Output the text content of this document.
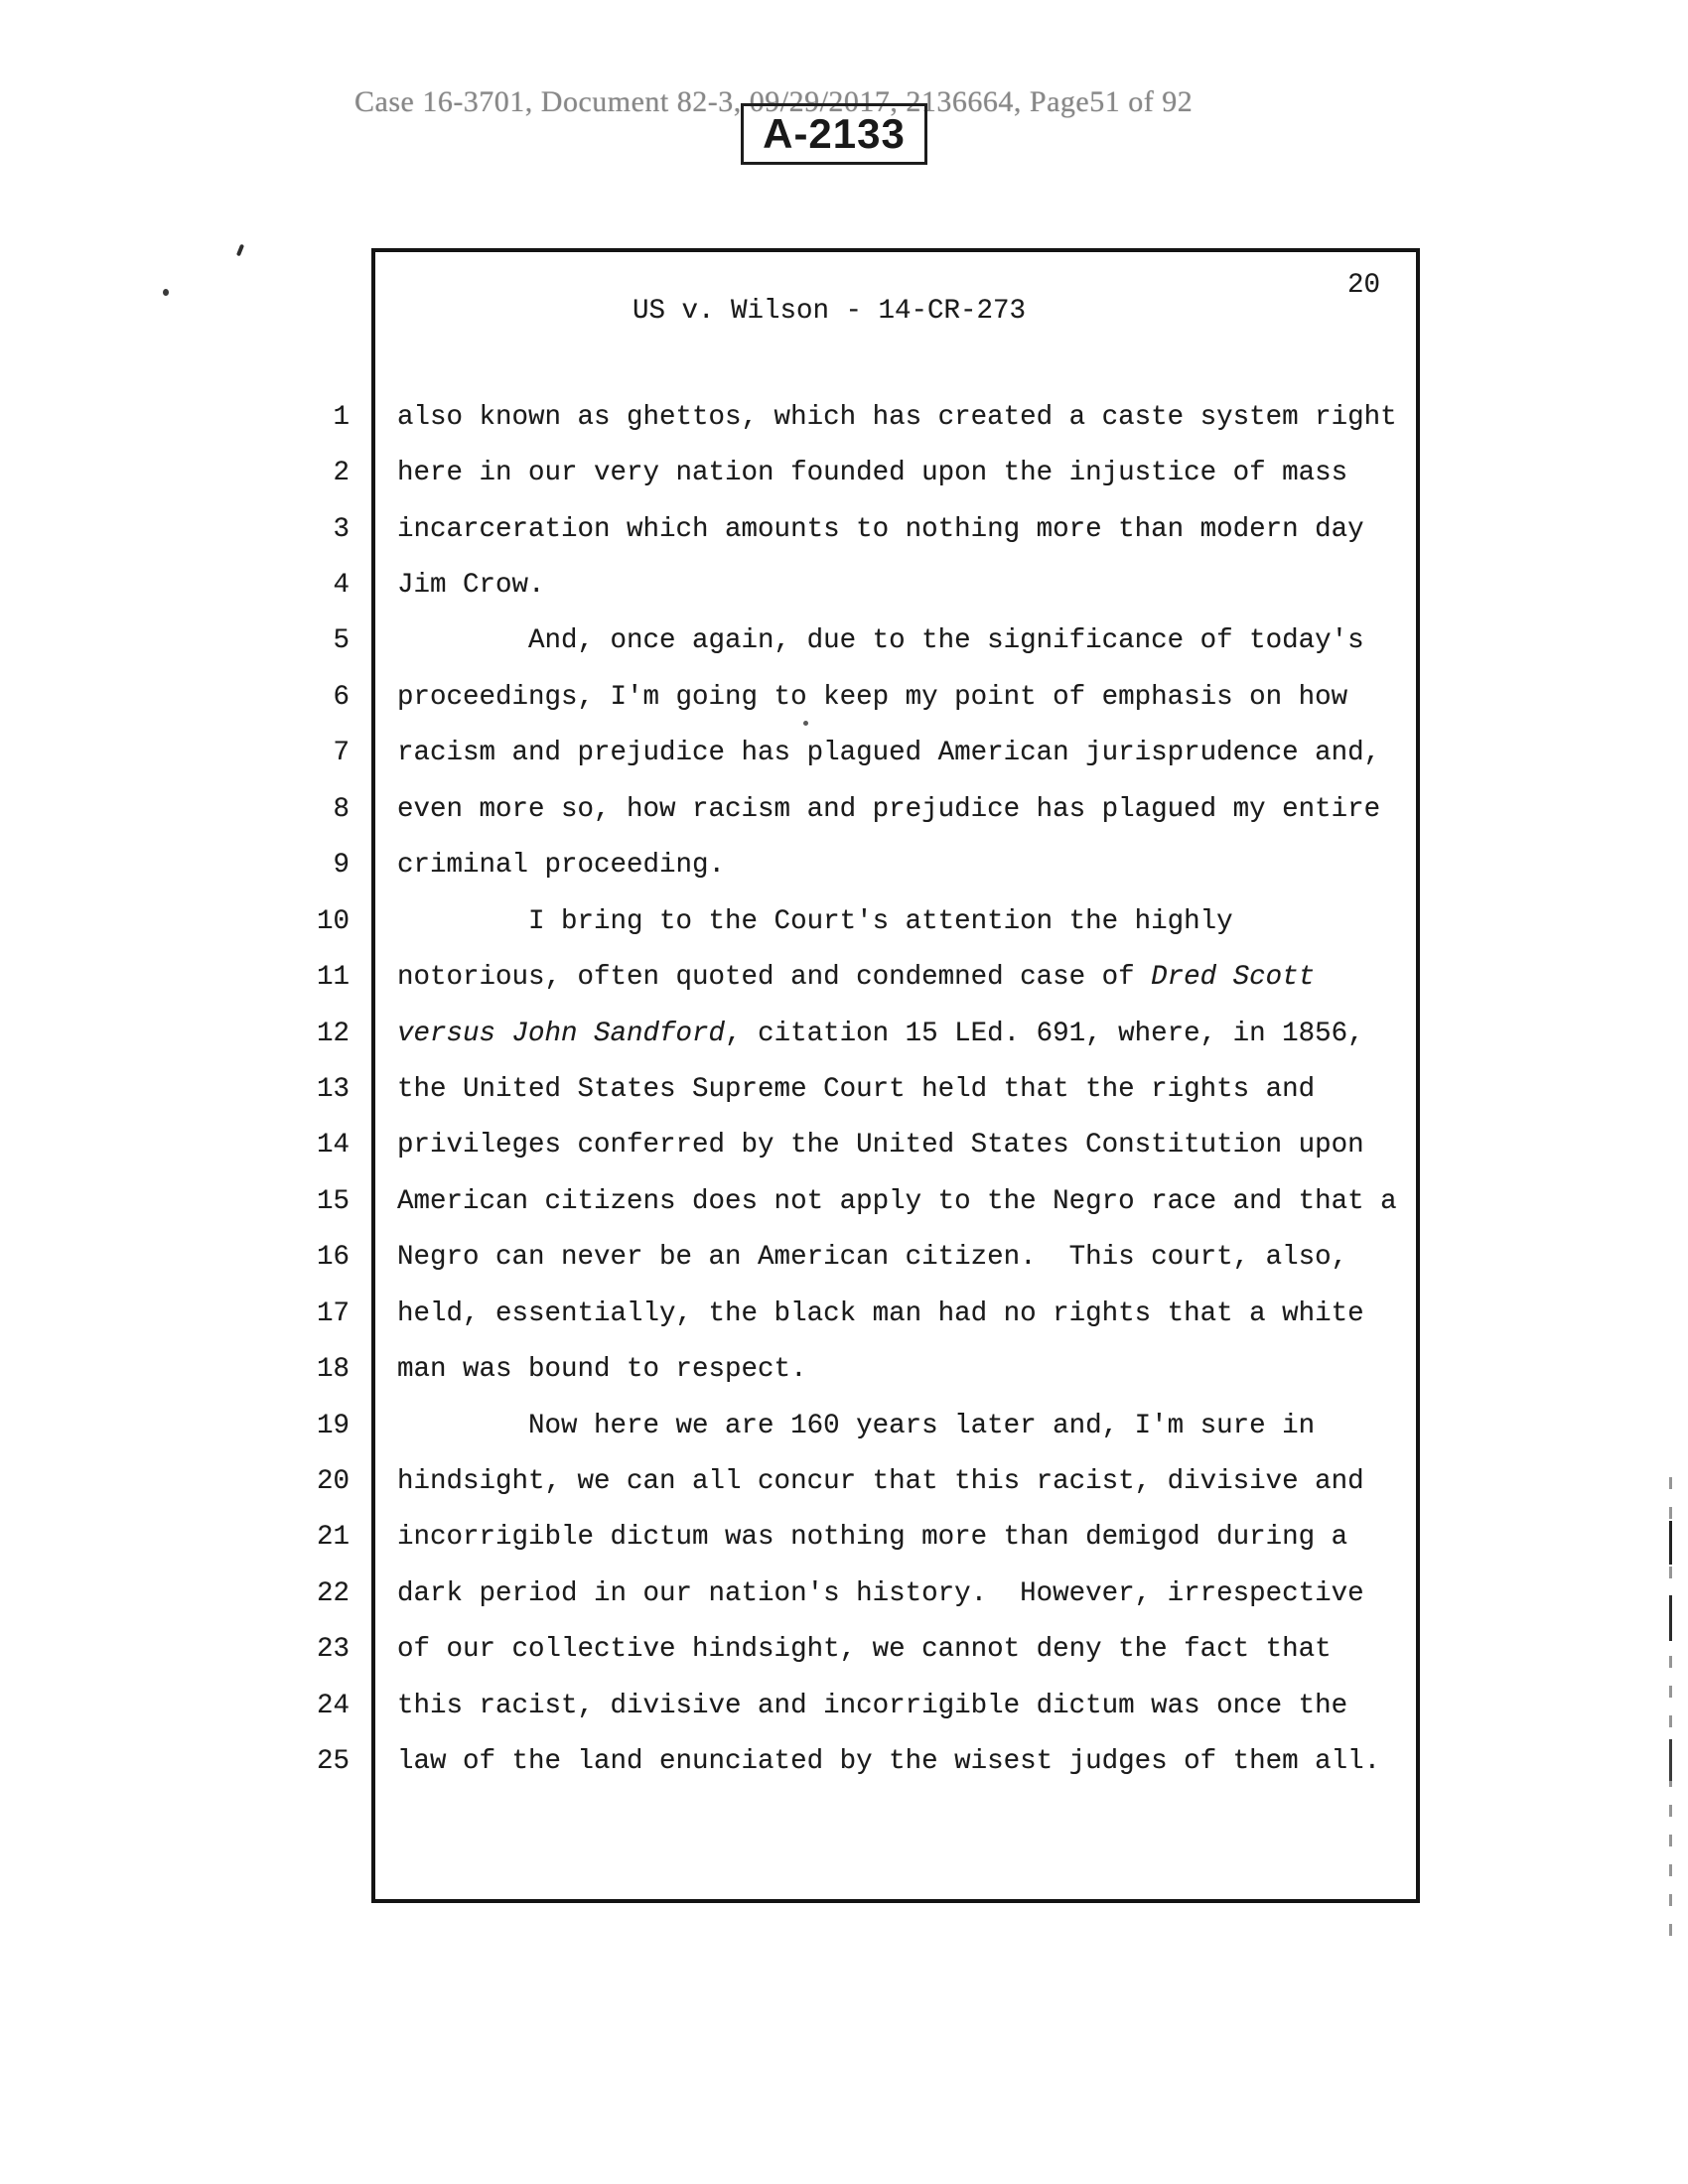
Case 16-3701, Document 82-3, 09/29/2017, 2136664, Page51 of 92
A-2133
20
US v. Wilson - 14-CR-273
1 also known as ghettos, which has created a caste system right
2 here in our very nation founded upon the injustice of mass
3 incarceration which amounts to nothing more than modern day
4 Jim Crow.
5 And, once again, due to the significance of today's
6 proceedings, I'm going to keep my point of emphasis on how
7 racism and prejudice has plagued American jurisprudence and,
8 even more so, how racism and prejudice has plagued my entire
9 criminal proceeding.
10 I bring to the Court's attention the highly
11 notorious, often quoted and condemned case of Dred Scott
12 versus John Sandford, citation 15 LEd. 691, where, in 1856,
13 the United States Supreme Court held that the rights and
14 privileges conferred by the United States Constitution upon
15 American citizens does not apply to the Negro race and that a
16 Negro can never be an American citizen.  This court, also,
17 held, essentially, the black man had no rights that a white
18 man was bound to respect.
19 Now here we are 160 years later and, I'm sure in
20 hindsight, we can all concur that this racist, divisive and
21 incorrigible dictum was nothing more than demigod during a
22 dark period in our nation's history.  However, irrespective
23 of our collective hindsight, we cannot deny the fact that
24 this racist, divisive and incorrigible dictum was once the
25 law of the land enunciated by the wisest judges of them all.
